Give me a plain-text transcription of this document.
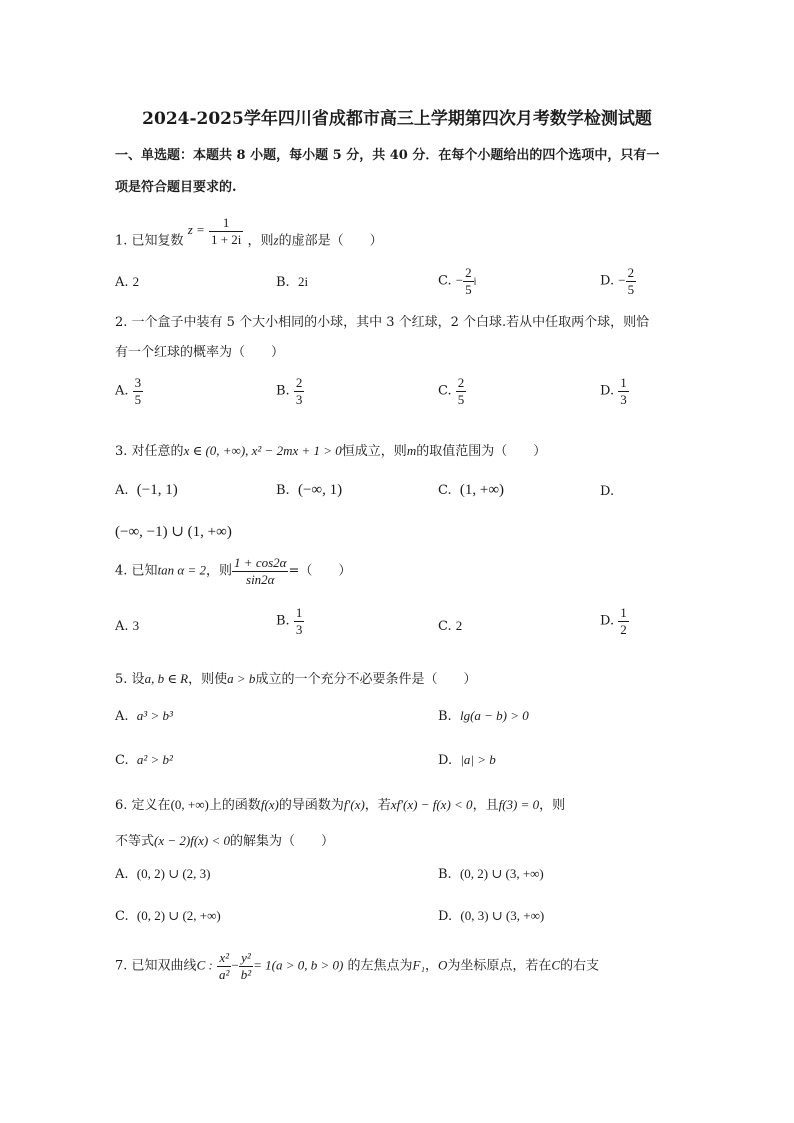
2024-2025学年四川省成都市高三上学期第四次月考数学检测试题
一、单选题：本题共 8 小题，每小题 5 分，共 40 分．在每个小题给出的四个选项中，只有一
项是符合题目要求的.
1. 已知复数 $z = \frac{1}{1 + 2i}$ ，则z的虚部是（　　）
A. 2	B. 2i	C. − $\frac{2}{5}$ i	D. − $\frac{2}{5}$
2. 一个盒子中装有 5 个大小相同的小球，其中 3 个红球，2 个白球.若从中任取两个球，则恰
有一个红球的概率为（　　）
A. $\frac{3}{5}$	B. $\frac{2}{3}$	C. $\frac{2}{5}$	D. $\frac{1}{3}$
3. 对任意的x ∈ (0, +∞), x² − 2mx + 1 > 0恒成立，则m的取值范围为（　　）
A. (−1, 1)	B. (−∞, 1)	C. (1, +∞)	D.
(−∞, −1) ∪ (1, +∞)
4. 已知tan α = 2，则 $\frac{1 + \cos 2\alpha}{\sin 2\alpha}$ =（　　）
A. 3	B. $\frac{1}{3}$	C. 2	D. $\frac{1}{2}$
5. 设a, b ∈ R，则使a > b成立的一个充分不必要条件是（　　）
A. a³ > b³	B. lg(a − b) > 0
C. a² > b²	D. |a| > b
6. 定义在(0, +∞)上的函数f(x)的导函数为f′(x)，若xf′(x) − f(x) < 0，且f(3) = 0，则
不等式(x − 2)f(x) < 0的解集为（　　）
A. (0, 2) ∪ (2, 3)	B. (0, 2) ∪ (3, +∞)
C. (0, 2) ∪ (2, +∞)	D. (0, 3) ∪ (3, +∞)
7. 已知双曲线C : $\frac{\text{x²}}{\text{a²}} - \frac{\text{y²}}{\text{b²}} = 1(a > 0$, b > 0) 的左焦点为F₁，O为坐标原点，若在C的右支
